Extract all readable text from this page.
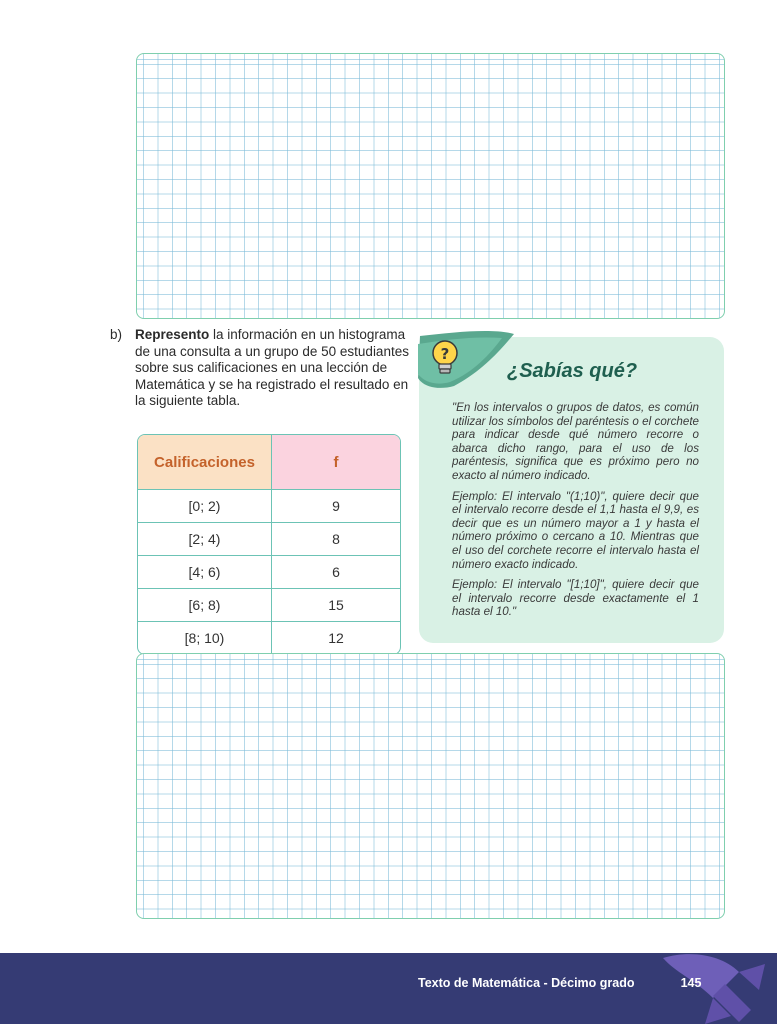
b) Represento la información en un histograma de una consulta a un grupo de 50 estudiantes sobre sus calificaciones en una lección de Matemática y se ha registrado el resultado en la siguiente tabla.
Calificaciones	f
[0; 2)	9
[2; 4)	8
[4; 6)	6
[6; 8)	15
[8; 10)	12
?
¿Sabías qué?

"En los intervalos o grupos de datos, es común utilizar los símbolos del paréntesis o el corchete para indicar desde qué número recorre o abarca dicho rango, para el uso de los paréntesis, significa que es próximo pero no exacto al número indicado.

Ejemplo: El intervalo "(1;10)", quiere decir que el intervalo recorre desde el 1,1 hasta el 9,9, es decir que es un número mayor a 1 y hasta el número próximo o cercano a 10. Mientras que el uso del corchete recorre el intervalo hasta el número exacto indicado.

Ejemplo: El intervalo "[1;10]", quiere decir que el intervalo recorre desde exactamente el 1 hasta el 10."

Texto de Matemática - Décimo grado	145
